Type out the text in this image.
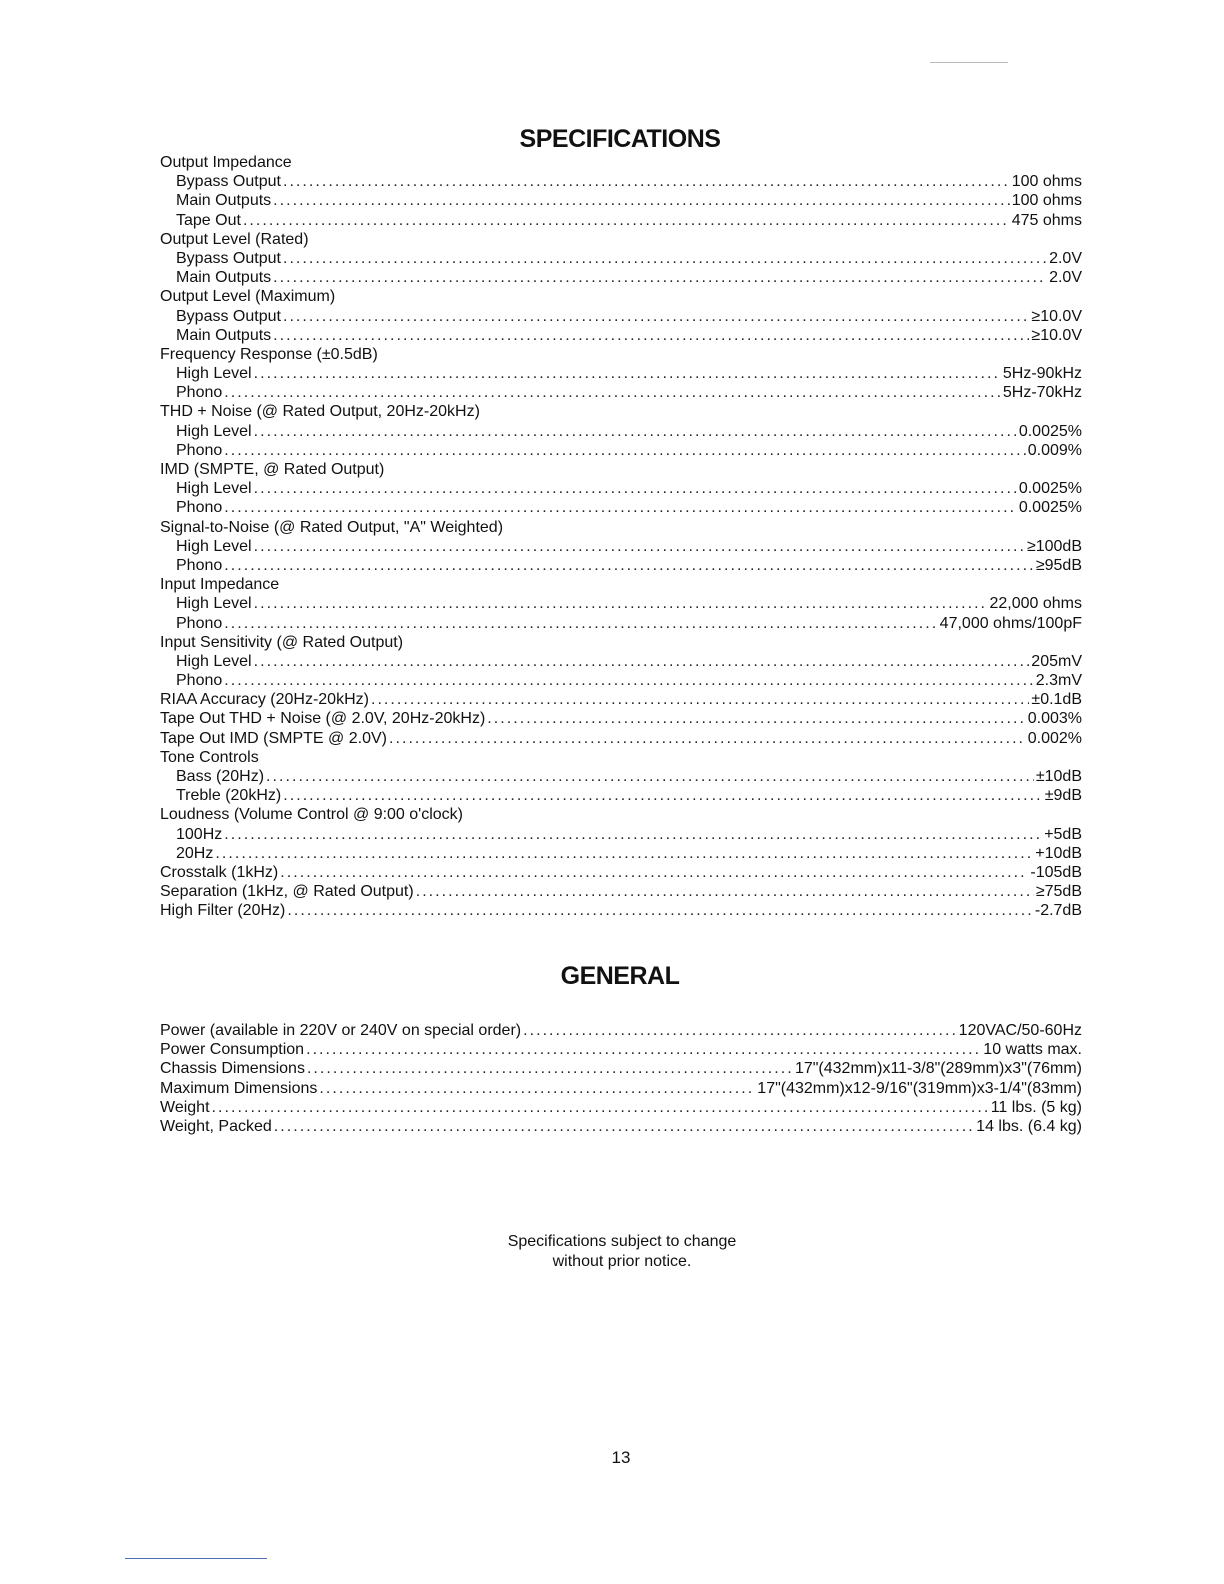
SPECIFICATIONS
Output Impedance
Bypass Output . . .	100 ohms
Main Outputs . . .	100 ohms
Tape Out . . .	475 ohms
Output Level (Rated)
Bypass Output . . .	2.0V
Main Outputs . . .	2.0V
Output Level (Maximum)
Bypass Output . . .	≥10.0V
Main Outputs . . .	≥10.0V
Frequency Response (±0.5dB)
High Level . . .	5Hz-90kHz
Phono . . .	5Hz-70kHz
THD + Noise (@ Rated Output, 20Hz-20kHz)
High Level . . .	0.0025%
Phono . . .	0.009%
IMD (SMPTE, @ Rated Output)
High Level . . .	0.0025%
Phono . . .	0.0025%
Signal-to-Noise (@ Rated Output, "A" Weighted)
High Level . . .	≥100dB
Phono . . .	≥95dB
Input Impedance
High Level . . .	22,000 ohms
Phono . . .	47,000 ohms/100pF
Input Sensitivity (@ Rated Output)
High Level . . .	205mV
Phono . . .	2.3mV
RIAA Accuracy (20Hz-20kHz) . . .	±0.1dB
Tape Out THD + Noise (@ 2.0V, 20Hz-20kHz) . . .	0.003%
Tape Out IMD (SMPTE @ 2.0V) . . .	0.002%
Tone Controls
Bass (20Hz) . . .	±10dB
Treble (20kHz) . . .	±9dB
Loudness (Volume Control @ 9:00 o'clock)
100Hz . . .	+5dB
20Hz . . .	+10dB
Crosstalk (1kHz) . . .	-105dB
Separation (1kHz, @ Rated Output) . . .	≥75dB
High Filter (20Hz) . . .	-2.7dB
GENERAL
Power (available in 220V or 240V on special order) . . .	120VAC/50-60Hz
Power Consumption . . .	10 watts max.
Chassis Dimensions . . .	17"(432mm)x11-3/8"(289mm)x3"(76mm)
Maximum Dimensions . . .	17"(432mm)x12-9/16"(319mm)x3-1/4"(83mm)
Weight . . .	11 lbs. (5 kg)
Weight, Packed . . .	14 lbs. (6.4 kg)
Specifications subject to change
without prior notice.
13
